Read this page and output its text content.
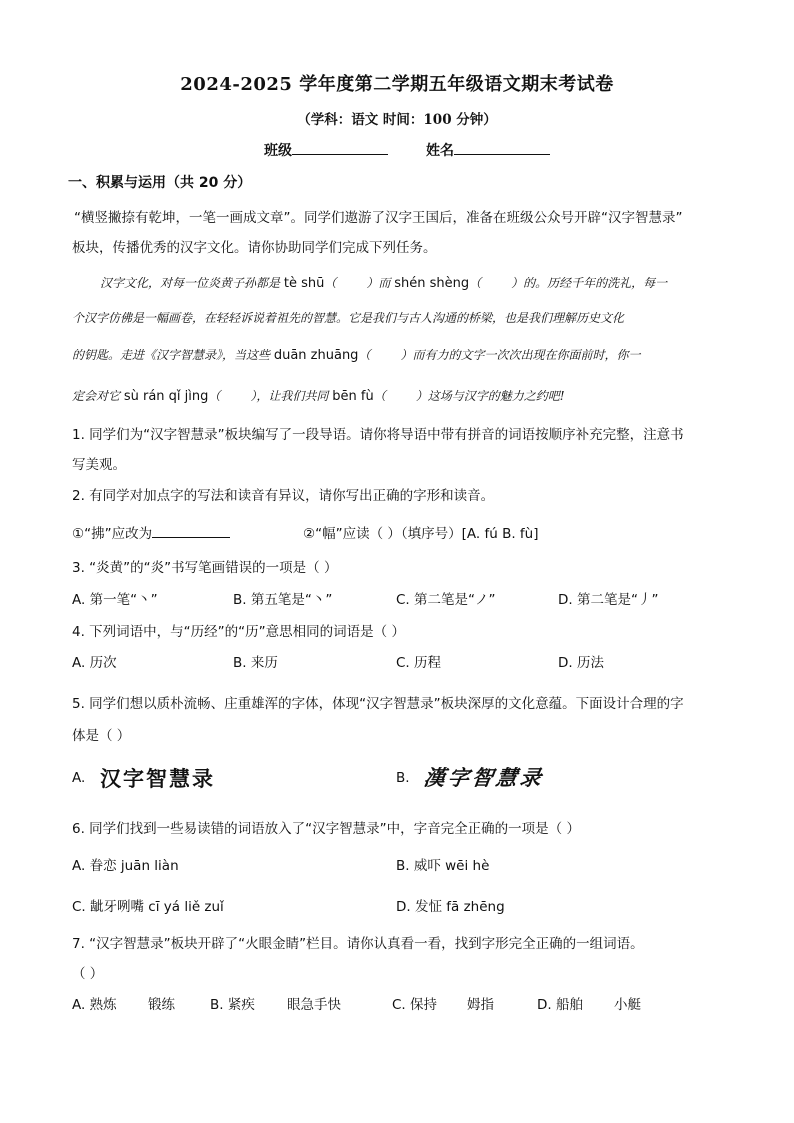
2024-2025 学年度第二学期五年级语文期末考试卷
（学科：语文 时间：100 分钟）
班级	姓名
一、积累与运用（共 20 分）
“横竖撇捺有乾坤，一笔一画成文章”。同学们遨游了汉字王国后，准备在班级公众号开辟“汉字智慧录”
板块，传播优秀的汉字文化。请你协助同学们完成下列任务。
汉字文化，对每一位炎黄子孙都是 tè shū（	）而 shén shèng（	）的。历经千年的洗礼，每一
个汉字仿佛是一幅画卷，在轻轻诉说着祖先的智慧。它是我们与古人沟通的桥梁，也是我们理解历史文化
的钥匙。走进《汉字智慧录》，当这些 duān zhuāng（	）而有力的文字一次次出现在你面前时，你一
定会对它 sù rán qǐ jìng（	），让我们共同 bēn fù（	）这场与汉字的魅力之约吧!
1. 同学们为“汉字智慧录”板块编写了一段导语。请你将导语中带有拼音的词语按顺序补充完整，注意书
写美观。
2. 有同学对加点字的写法和读音有异议，请你写出正确的字形和读音。
①“拂”应改为	②“幅”应读（ ）（填序号）[A. fú B. fù]
3. “炎黄”的“炎”书写笔画错误的一项是（ ）
A. 第一笔“丶”	B. 第五笔是“丶”	C. 第二笔是“ノ”	D. 第二笔是“丿”
4. 下列词语中，与“历经”的“历”意思相同的词语是（ ）
A. 历次	B. 来历	C. 历程	D. 历法
5. 同学们想以质朴流畅、庄重雄浑的字体，体现“汉字智慧录”板块深厚的文化意蕴。下面设计合理的字
体是（ ）
A. 汉字智慧录	B. 漢字智慧录
6. 同学们找到一些易读错的词语放入了“汉字智慧录”中，字音完全正确的一项是（ ）
A. 眷恋 juān liàn	B. 威吓 wēi hè
C. 龇牙咧嘴 cī yá liě zuǐ	D. 发怔 fā zhēng
7. “汉字智慧录”板块开辟了“火眼金睛”栏目。请你认真看一看，找到字形完全正确的一组词语。
（ ）
A. 熟炼 锻练	B. 紧疾 眼急手快	C. 保持 姆指	D. 船舶 小艇
